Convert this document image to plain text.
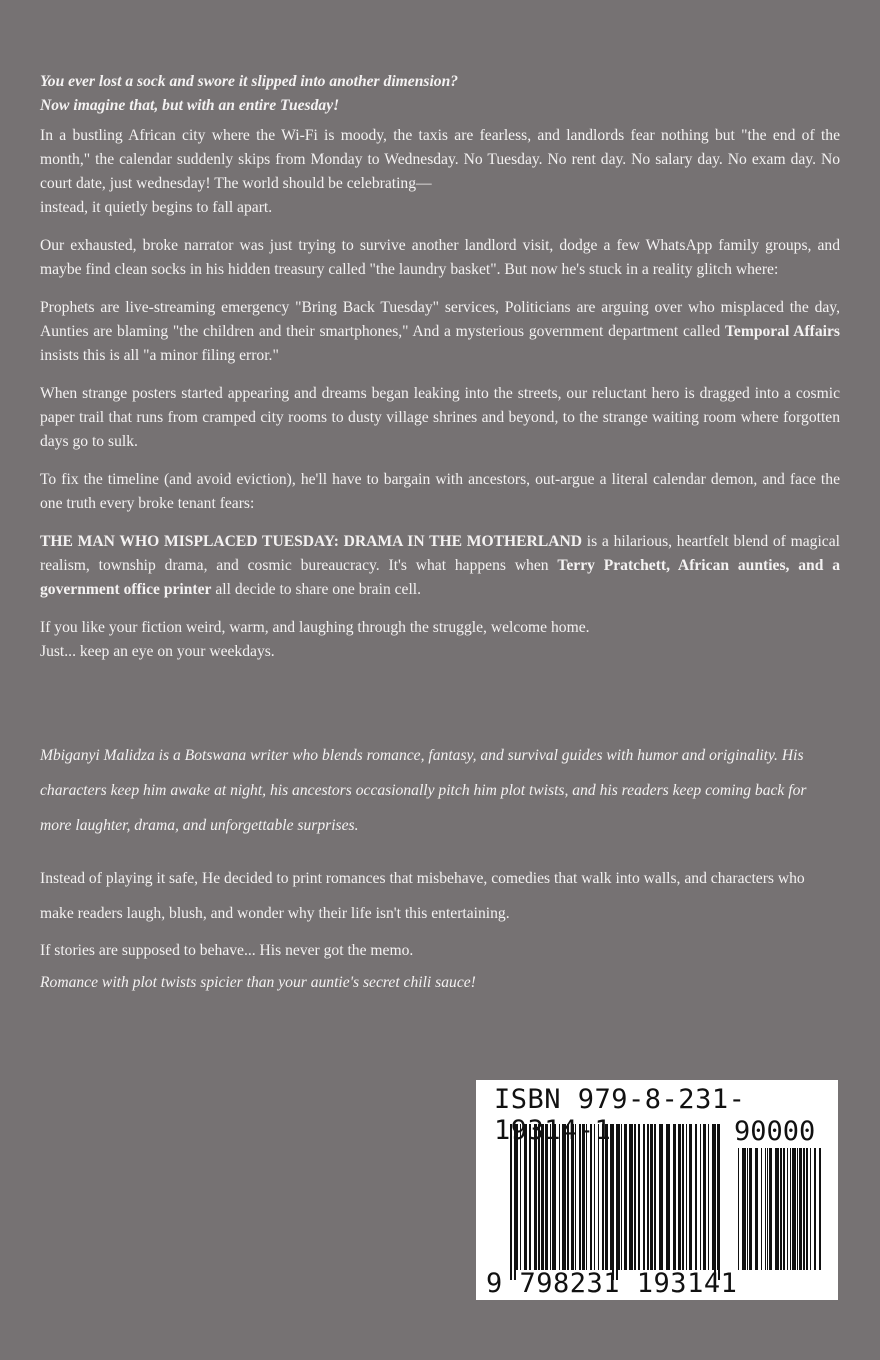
You ever lost a sock and swore it slipped into another dimension?
Now imagine that, but with an entire Tuesday!

In a bustling African city where the Wi-Fi is moody, the taxis are fearless, and landlords fear nothing but "the end of the month," the calendar suddenly skips from Monday to Wednesday. No Tuesday. No rent day. No salary day. No exam day. No court date, just wednesday! The world should be celebrating—
instead, it quietly begins to fall apart.

Our exhausted, broke narrator was just trying to survive another landlord visit, dodge a few WhatsApp family groups, and maybe find clean socks in his hidden treasury called "the laundry basket". But now he's stuck in a reality glitch where:

Prophets are live-streaming emergency "Bring Back Tuesday" services, Politicians are arguing over who misplaced the day, Aunties are blaming "the children and their smartphones," And a mysterious government department called Temporal Affairs insists this is all "a minor filing error."

When strange posters started appearing and dreams began leaking into the streets, our reluctant hero is dragged into a cosmic paper trail that runs from cramped city rooms to dusty village shrines and beyond, to the strange waiting room where forgotten days go to sulk.

To fix the timeline (and avoid eviction), he'll have to bargain with ancestors, out-argue a literal calendar demon, and face the one truth every broke tenant fears:

THE MAN WHO MISPLACED TUESDAY: DRAMA IN THE MOTHERLAND is a hilarious, heartfelt blend of magical realism, township drama, and cosmic bureaucracy. It's what happens when Terry Pratchett, African aunties, and a government office printer all decide to share one brain cell.

If you like your fiction weird, warm, and laughing through the struggle, welcome home.
Just... keep an eye on your weekdays.

Mbiganyi Malidza is a Botswana writer who blends romance, fantasy, and survival guides with humor and originality. His characters keep him awake at night, his ancestors occasionally pitch him plot twists, and his readers keep coming back for more laughter, drama, and unforgettable surprises.

Instead of playing it safe, He decided to print romances that misbehave, comedies that walk into walls, and characters who make readers laugh, blush, and wonder why their life isn't this entertaining.

If stories are supposed to behave... His never got the memo.

Romance with plot twists spicier than your auntie's secret chili sauce!

ISBN 979-8-231-19314-1	90000
9 798231 193141
